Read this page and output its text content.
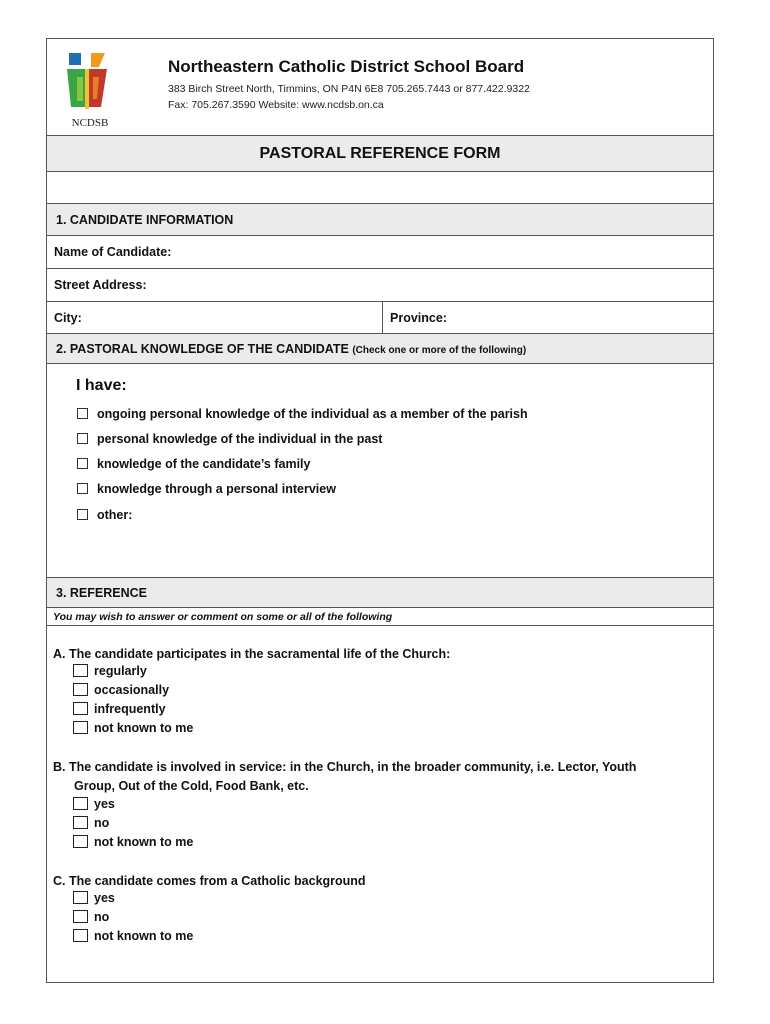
NCDSB
Northeastern Catholic District School Board
383 Birch Street North, Timmins, ON P4N 6E8 705.265.7443 or 877.422.9322
Fax: 705.267.3590 Website: www.ncdsb.on.ca
PASTORAL REFERENCE FORM
1. CANDIDATE INFORMATION
Name of Candidate:
Street Address:
City:	Province:
2. PASTORAL KNOWLEDGE OF THE CANDIDATE (Check one or more of the following)
I have:
ongoing personal knowledge of the individual as a member of the parish
personal knowledge of the individual in the past
knowledge of the candidate’s family
knowledge through a personal interview
other:
3. REFERENCE
You may wish to answer or comment on some or all of the following
A. The candidate participates in the sacramental life of the Church:
regularly
occasionally
infrequently
not known to me
B. The candidate is involved in service: in the Church, in the broader community, i.e. Lector, Youth
Group, Out of the Cold, Food Bank, etc.
yes
no
not known to me
C. The candidate comes from a Catholic background
yes
no
not known to me
